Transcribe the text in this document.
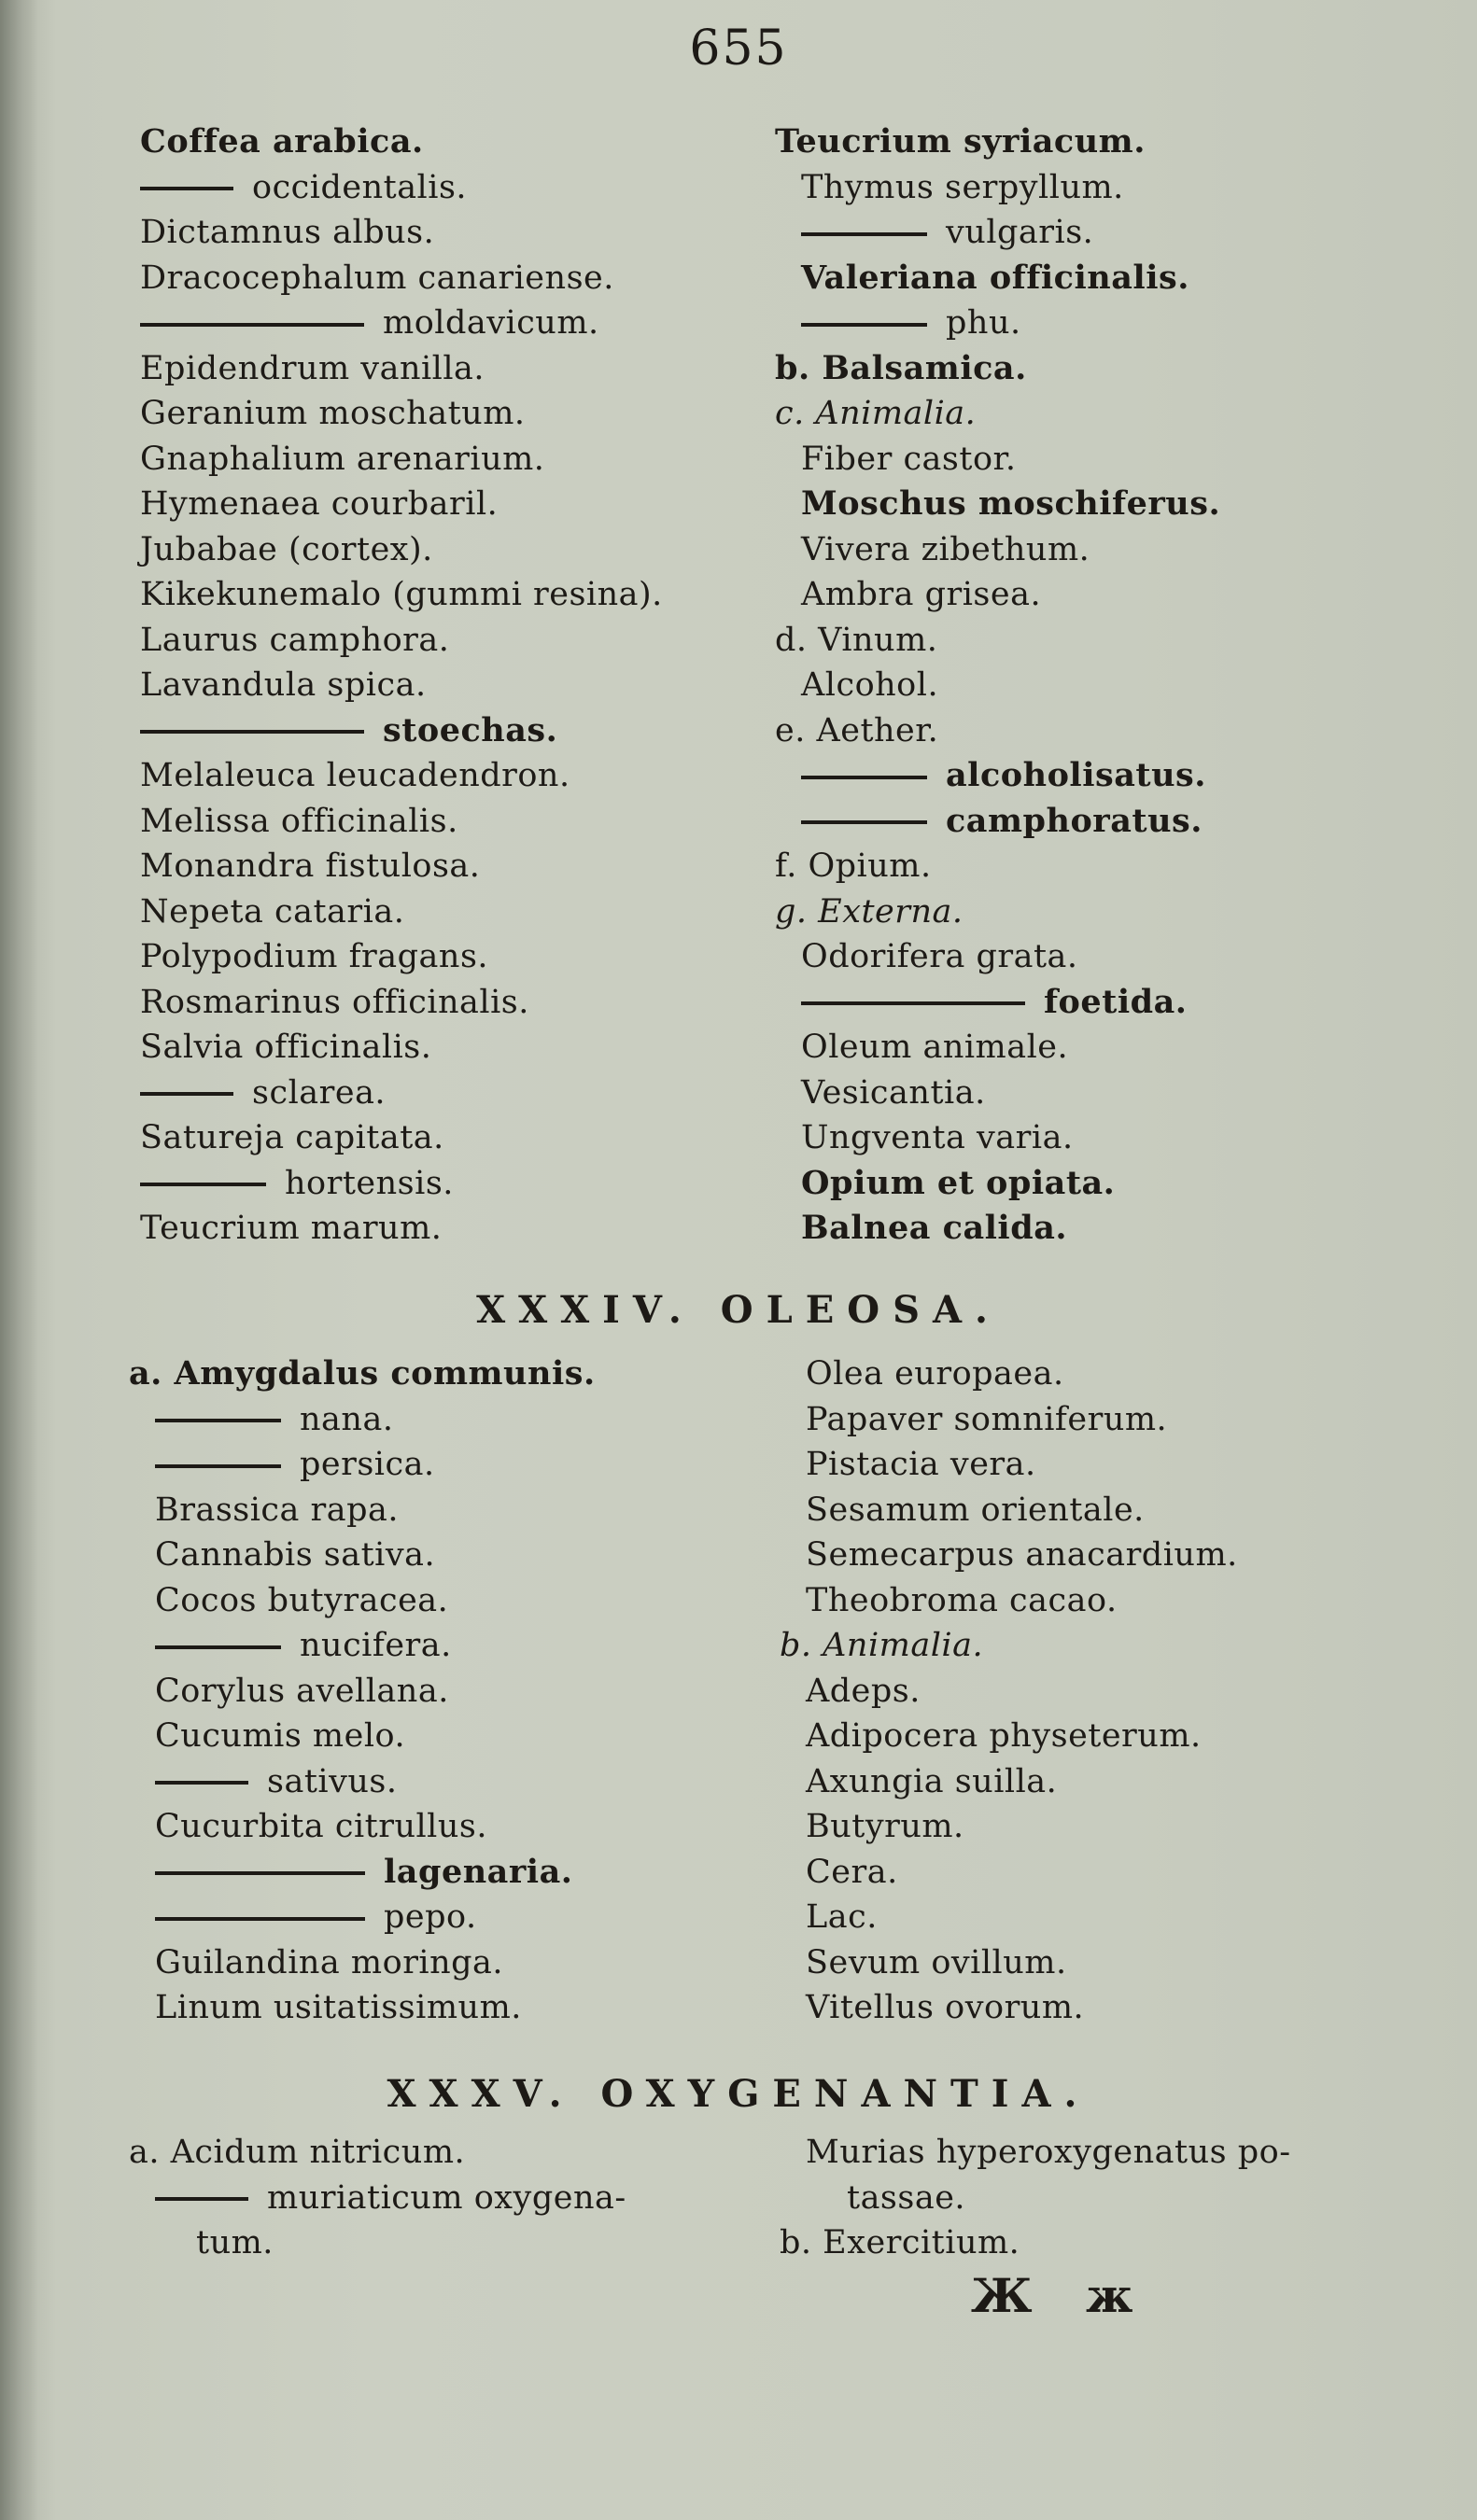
655
Coffea arabica.
occidentalis.
Dictamnus albus.
Dracocephalum canariense.
moldavicum.
Epidendrum vanilla.
Geranium moschatum.
Gnaphalium arenarium.
Hymenaea courbaril.
Jubabae (cortex).
Kikekunemalo (gummi resina).
Laurus camphora.
Lavandula spica.
stoechas.
Melaleuca leucadendron.
Melissa officinalis.
Monandra fistulosa.
Nepeta cataria.
Polypodium fragans.
Rosmarinus officinalis.
Salvia officinalis.
sclarea.
Satureja capitata.
hortensis.
Teucrium marum.
Teucrium syriacum.
Thymus serpyllum.
vulgaris.
Valeriana officinalis.
phu.
b. Balsamica.
c. Animalia.
Fiber castor.
Moschus moschiferus.
Vivera zibethum.
Ambra grisea.
d. Vinum.
Alcohol.
e. Aether.
alcoholisatus.
camphoratus.
f. Opium.
g. Externa.
Odorifera grata.
foetida.
Oleum animale.
Vesicantia.
Ungventa varia.
Opium et opiata.
Balnea calida.
XXXIV. OLEOSA.
a. Amygdalus communis.
nana.
persica.
Brassica rapa.
Cannabis sativa.
Cocos butyracea.
nucifera.
Corylus avellana.
Cucumis melo.
sativus.
Cucurbita citrullus.
lagenaria.
pepo.
Guilandina moringa.
Linum usitatissimum.
Olea europaea.
Papaver somniferum.
Pistacia vera.
Sesamum orientale.
Semecarpus anacardium.
Theobroma cacao.
b. Animalia.
Adeps.
Adipocera physeterum.
Axungia suilla.
Butyrum.
Cera.
Lac.
Sevum ovillum.
Vitellus ovorum.
XXXV. OXYGENANTIA.
a. Acidum nitricum.
muriaticum oxygena-
tum.
Murias hyperoxygenatus po-
tassae.
b. Exercitium.
Ж ж
